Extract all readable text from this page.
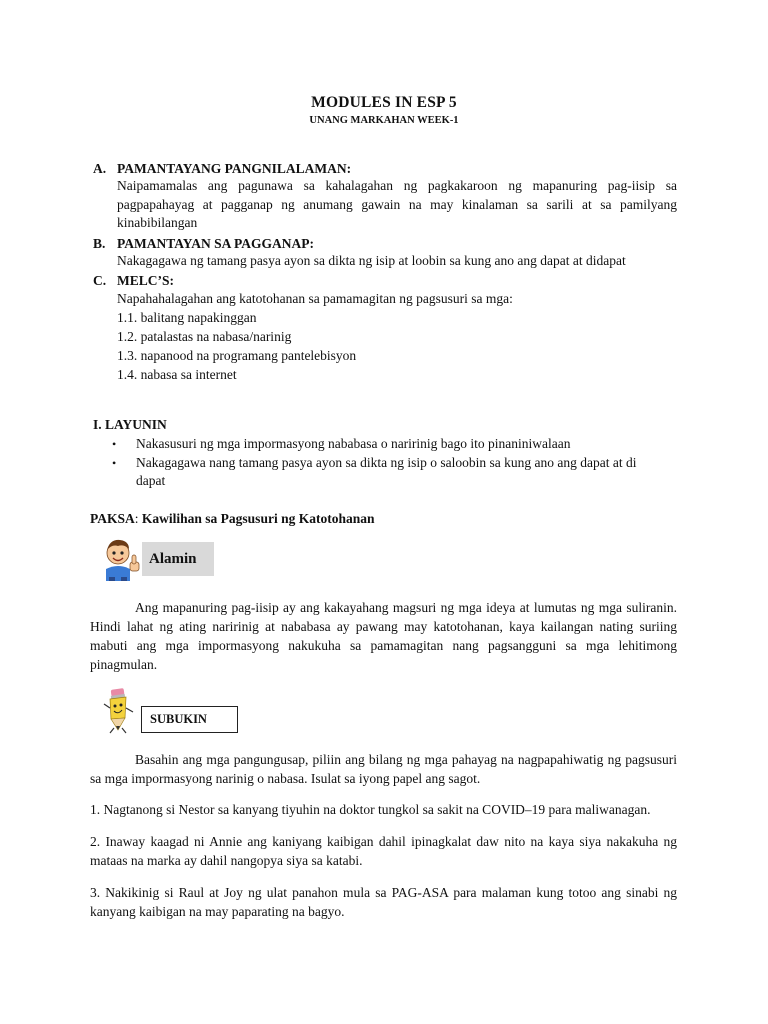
MODULES IN ESP 5
UNANG MARKAHAN WEEK-1
A. PAMANTAYANG PANGNILALAMAN:
Naipamamalas ang pagunawa sa kahalagahan ng pagkakaroon ng mapanuring pag-iisip sa pagpapahayag at pagganap ng anumang gawain na may kinalaman sa sarili at sa pamilyang kinabibilangan
B. PAMANTAYAN SA PAGGANAP:
Nakagagawa ng tamang pasya ayon sa dikta ng isip at loobin sa kung ano ang dapat at didapat
C. MELC’S:
Napahahalagahan ang katotohanan sa pamamagitan ng pagsusuri sa mga:
1.1. balitang napakinggan
1.2. patalastas na nabasa/narinig
1.3. napanood na programang pantelebisyon
1.4. nabasa sa internet
I. LAYUNIN
• Nakasusuri ng mga impormasyong nababasa o naririnig bago ito pinaniniwalaan
• Nakagagawa nang tamang pasya ayon sa dikta ng isip o saloobin sa kung ano ang dapat at di dapat
PAKSA: Kawilihan sa Pagsusuri ng Katotohanan
Alamin
Ang mapanuring pag-iisip ay ang kakayahang magsuri ng mga ideya at lumutas ng mga suliranin. Hindi lahat ng ating naririnig at nababasa ay pawang may katotohanan, kaya kailangan nating suriing mabuti ang mga impormasyong nakukuha sa pamamagitan nang pagsangguni sa mga lehitimong pinagmulan.
SUBUKIN
Basahin ang mga pangungusap, piliin ang bilang ng mga pahayag na nagpapahiwatig ng pagsusuri sa mga impormasyong narinig o nabasa. Isulat sa iyong papel ang sagot.
1. Nagtanong si Nestor sa kanyang tiyuhin na doktor tungkol sa sakit na COVID–19 para maliwanagan.
2. Inaway kaagad ni Annie ang kaniyang kaibigan dahil ipinagkalat daw nito na kaya siya nakakuha ng mataas na marka ay dahil nangopya siya sa katabi.
3. Nakikinig si Raul at Joy ng ulat panahon mula sa PAG-ASA para malaman kung totoo ang sinabi ng kanyang kaibigan na may paparating na bagyo.
